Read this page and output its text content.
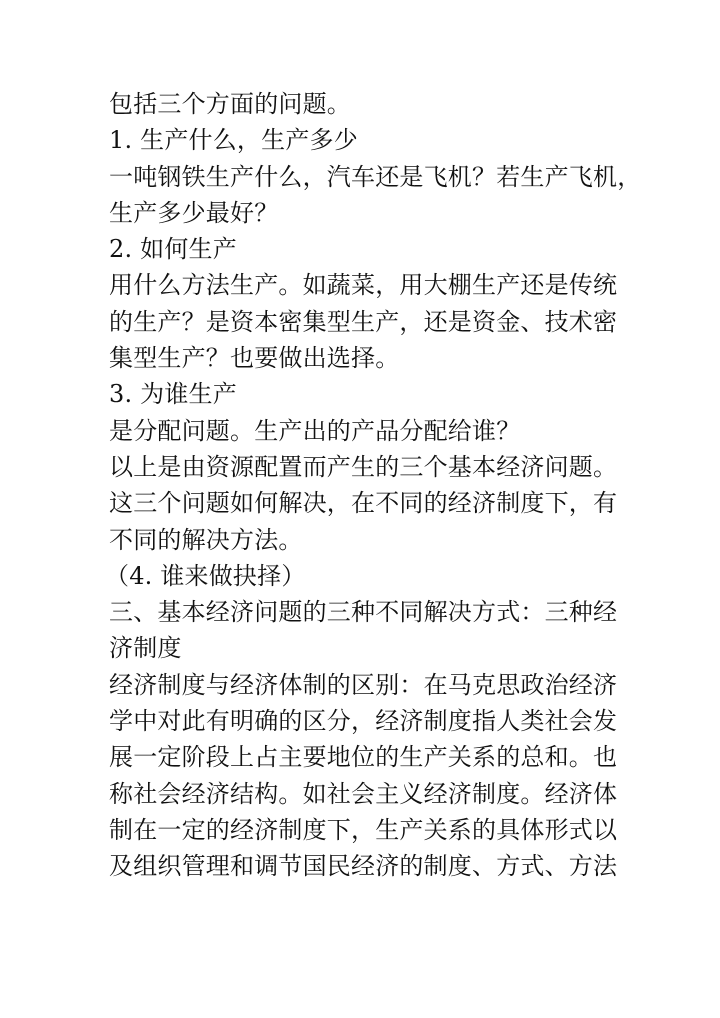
包括三个方面的问题。
1. 生产什么，生产多少
一吨钢铁生产什么，汽车还是飞机？若生产飞机，
生产多少最好？
2. 如何生产
用什么方法生产。如蔬菜，用大棚生产还是传统
的生产？是资本密集型生产，还是资金、技术密
集型生产？也要做出选择。
3. 为谁生产
是分配问题。生产出的产品分配给谁？
以上是由资源配置而产生的三个基本经济问题。
这三个问题如何解决，在不同的经济制度下，有
不同的解决方法。
（4. 谁来做抉择）
三、基本经济问题的三种不同解决方式：三种经
济制度
经济制度与经济体制的区别：在马克思政治经济
学中对此有明确的区分，经济制度指人类社会发
展一定阶段上占主要地位的生产关系的总和。也
称社会经济结构。如社会主义经济制度。经济体
制在一定的经济制度下，生产关系的具体形式以
及组织管理和调节国民经济的制度、方式、方法
